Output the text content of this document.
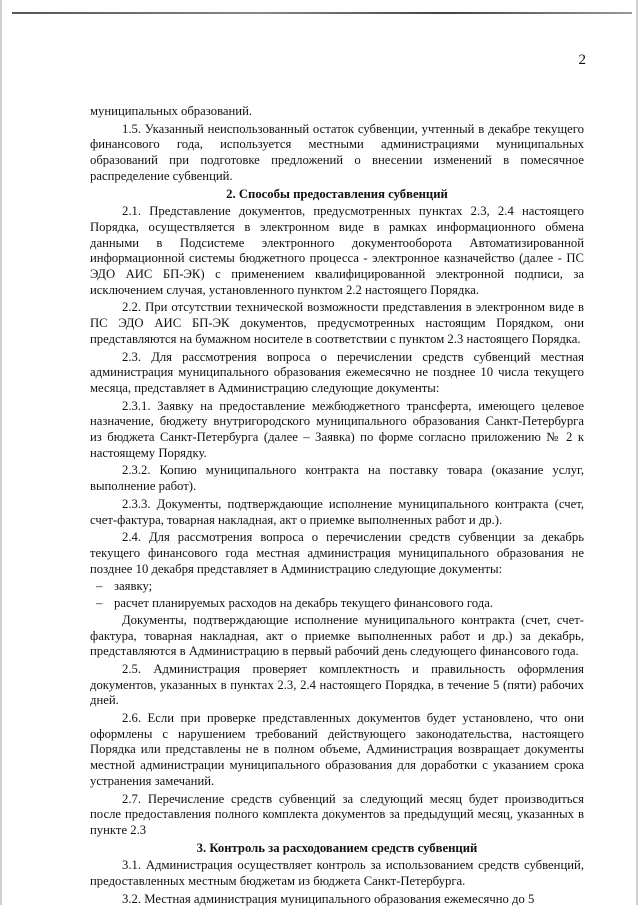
2

муниципальных образований.

1.5. Указанный неиспользованный остаток субвенции, учтенный в декабре текущего финансового года, используется местными администрациями муниципальных образований при подготовке предложений о внесении изменений в помесячное распределение субвенций.

2. Способы предоставления субвенций

2.1. Представление документов, предусмотренных пунктах 2.3, 2.4 настоящего Порядка, осуществляется в электронном виде в рамках информационного обмена данными в Подсистеме электронного документооборота Автоматизированной информационной системы бюджетного процесса - электронное казначейство (далее - ПС ЭДО АИС БП-ЭК) с применением квалифицированной электронной подписи, за исключением случая, установленного пунктом 2.2 настоящего Порядка.

2.2. При отсутствии технической возможности представления в электронном виде в ПС ЭДО АИС БП-ЭК документов, предусмотренных настоящим Порядком, они представляются на бумажном носителе в соответствии с пунктом 2.3 настоящего Порядка.

2.3. Для рассмотрения вопроса о перечислении средств субвенций местная администрация муниципального образования ежемесячно не позднее 10 числа текущего месяца, представляет в Администрацию следующие документы:

2.3.1. Заявку на предоставление межбюджетного трансферта, имеющего целевое назначение, бюджету внутригородского муниципального образования Санкт-Петербурга из бюджета Санкт-Петербурга (далее – Заявка) по форме согласно приложению № 2 к настоящему Порядку.

2.3.2. Копию муниципального контракта на поставку товара (оказание услуг, выполнение работ).

2.3.3. Документы, подтверждающие исполнение муниципального контракта (счет, счет-фактура, товарная накладная, акт о приемке выполненных работ и др.).

2.4. Для рассмотрения вопроса о перечислении средств субвенции за декабрь текущего финансового года местная администрация муниципального образования не позднее 10 декабря представляет в Администрацию следующие документы:

– заявку;

– расчет планируемых расходов на декабрь текущего финансового года.

Документы, подтверждающие исполнение муниципального контракта (счет, счет-фактура, товарная накладная, акт о приемке выполненных работ и др.) за декабрь, представляются в Администрацию в первый рабочий день следующего финансового года.

2.5. Администрация проверяет комплектность и правильность оформления документов, указанных в пунктах 2.3, 2.4 настоящего Порядка, в течение 5 (пяти) рабочих дней.

2.6. Если при проверке представленных документов будет установлено, что они оформлены с нарушением требований действующего законодательства, настоящего Порядка или представлены не в полном объеме, Администрация возвращает документы местной администрации муниципального образования для доработки с указанием срока устранения замечаний.

2.7. Перечисление средств субвенций за следующий месяц будет производиться после предоставления полного комплекта документов за предыдущий месяц, указанных в пункте 2.3

3. Контроль за расходованием средств субвенций

3.1. Администрация осуществляет контроль за использованием средств субвенций, предоставленных местным бюджетам из бюджета Санкт-Петербурга.

3.2. Местная администрация муниципального образования ежемесячно до 5
